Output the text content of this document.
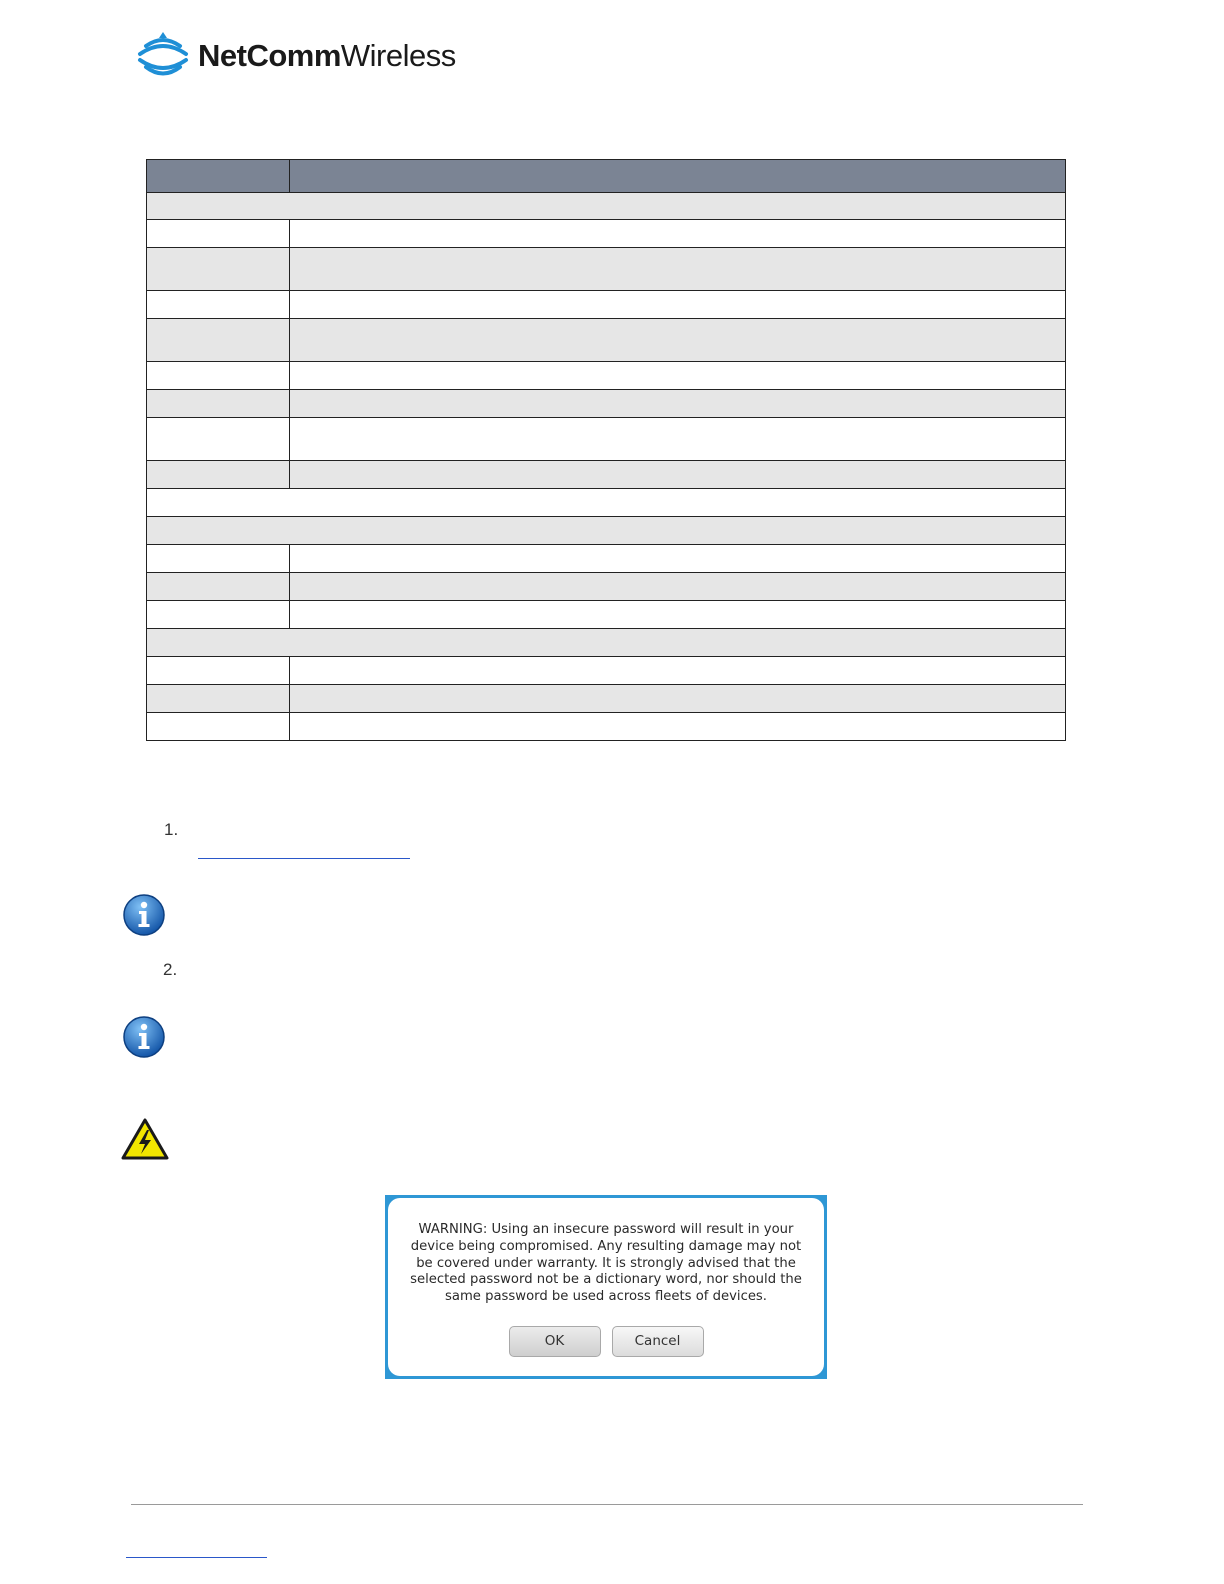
NetCommWireless

1.
2.
WARNING: Using an insecure password will result in your device being compromised. Any resulting damage may not be covered under warranty. It is strongly advised that the selected password not be a dictionary word, nor should the same password be used across fleets of devices.
OK	Cancel
